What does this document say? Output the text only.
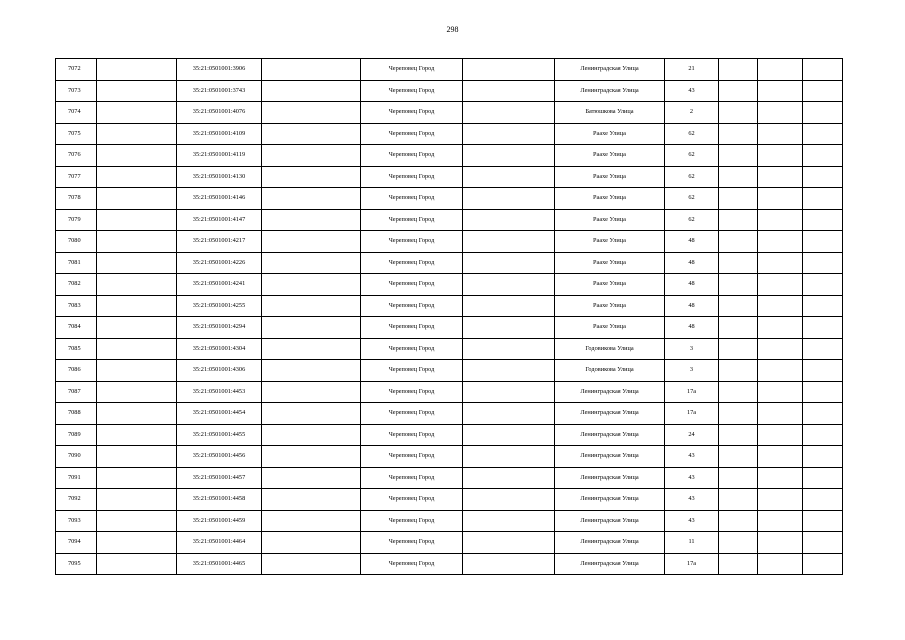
298
7072		35:21:0501001:3906		Череповец Город		Ленинградская Улица	21			
7073		35:21:0501001:3743		Череповец Город		Ленинградская Улица	43			
7074		35:21:0501001:4076		Череповец Город		Батюшкова Улица	2			
7075		35:21:0501001:4109		Череповец Город		Раахе Улица	62			
7076		35:21:0501001:4119		Череповец Город		Раахе Улица	62			
7077		35:21:0501001:4130		Череповец Город		Раахе Улица	62			
7078		35:21:0501001:4146		Череповец Город		Раахе Улица	62			
7079		35:21:0501001:4147		Череповец Город		Раахе Улица	62			
7080		35:21:0501001:4217		Череповец Город		Раахе Улица	48			
7081		35:21:0501001:4226		Череповец Город		Раахе Улица	48			
7082		35:21:0501001:4241		Череповец Город		Раахе Улица	48			
7083		35:21:0501001:4255		Череповец Город		Раахе Улица	48			
7084		35:21:0501001:4294		Череповец Город		Раахе Улица	48			
7085		35:21:0501001:4304		Череповец Город		Годовикова Улица	3			
7086		35:21:0501001:4306		Череповец Город		Годовикова Улица	3			
7087		35:21:0501001:4453		Череповец Город		Ленинградская Улица	17а			
7088		35:21:0501001:4454		Череповец Город		Ленинградская Улица	17а			
7089		35:21:0501001:4455		Череповец Город		Ленинградская Улица	24			
7090		35:21:0501001:4456		Череповец Город		Ленинградская Улица	43			
7091		35:21:0501001:4457		Череповец Город		Ленинградская Улица	43			
7092		35:21:0501001:4458		Череповец Город		Ленинградская Улица	43			
7093		35:21:0501001:4459		Череповец Город		Ленинградская Улица	43			
7094		35:21:0501001:4464		Череповец Город		Ленинградская Улица	11			
7095		35:21:0501001:4465		Череповец Город		Ленинградская Улица	17а			
